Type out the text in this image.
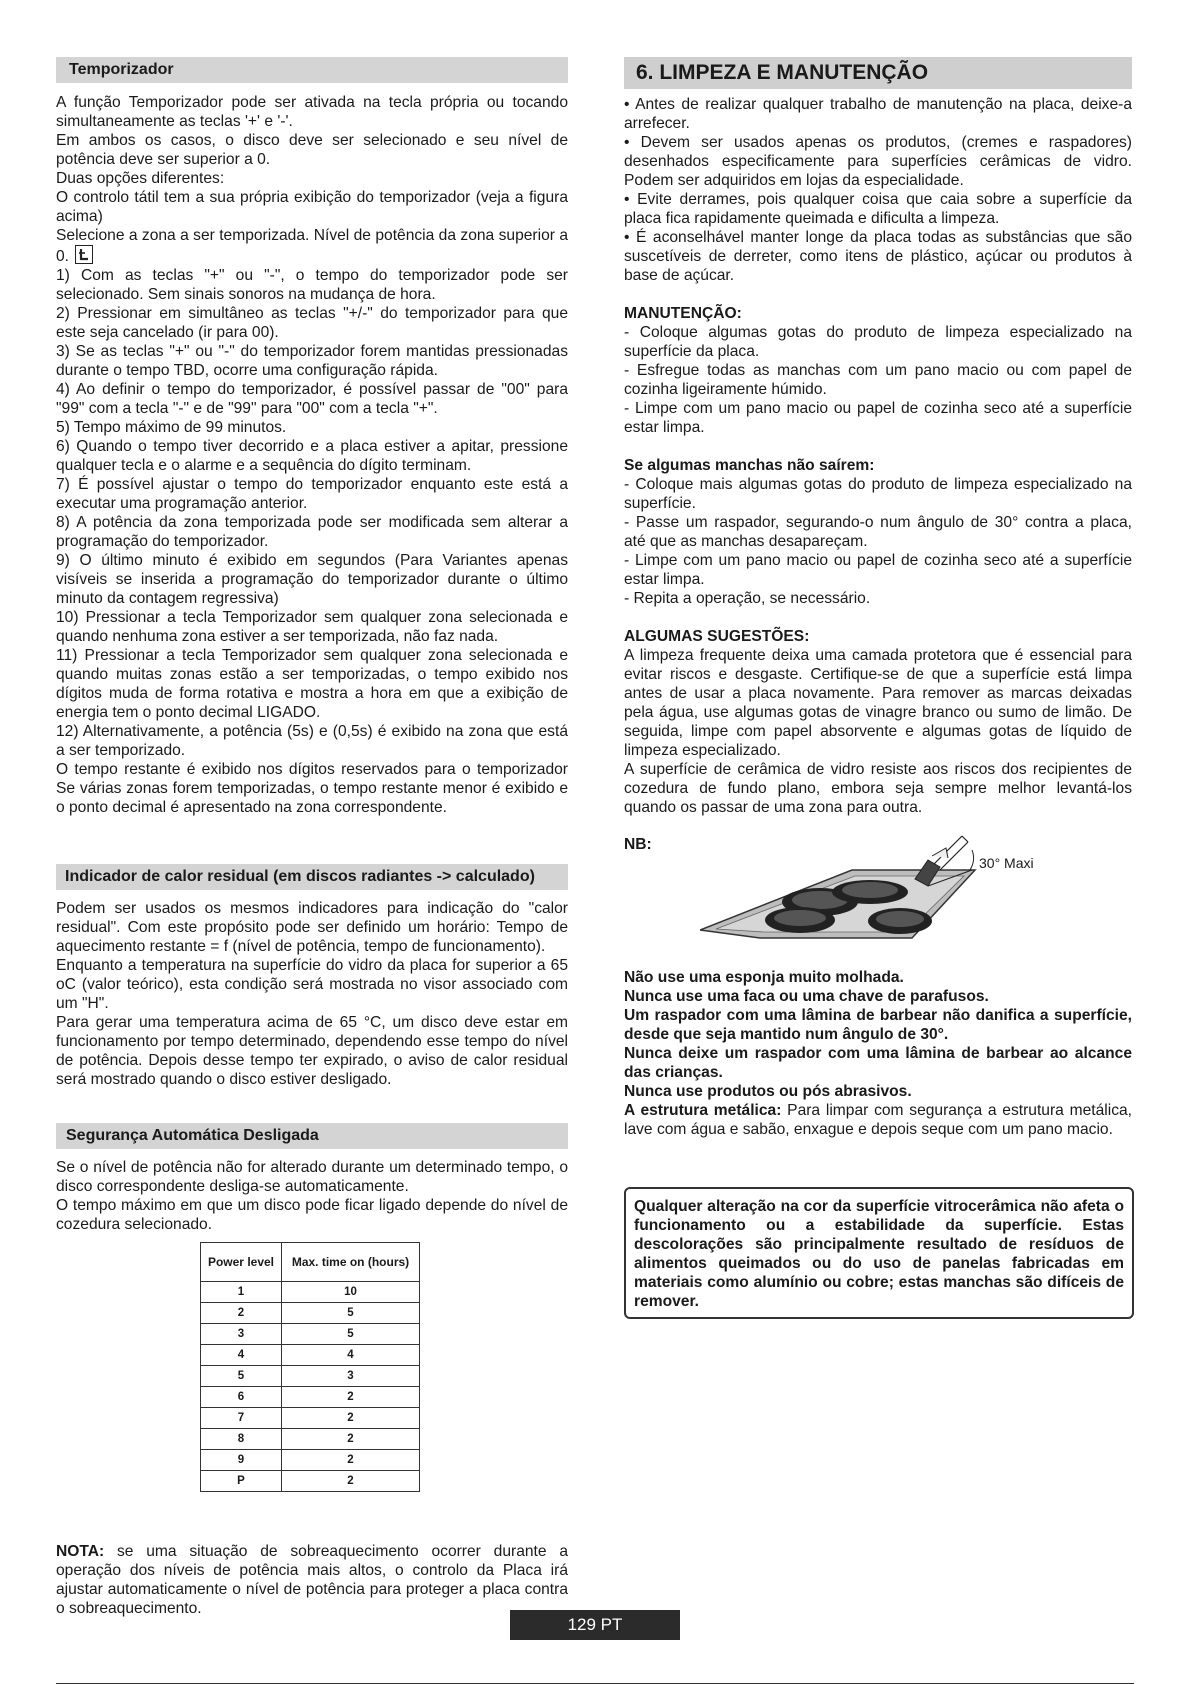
Temporizador

A função Temporizador pode ser ativada na tecla própria ou tocando simultaneamente as teclas '+' e '-'.

Em ambos os casos, o disco deve ser selecionado e seu nível de potência deve ser superior a 0.

Duas opções diferentes:

O controlo tátil tem a sua própria exibição do temporizador (veja a figura acima)

Selecione a zona a ser temporizada. Nível de potência da zona superior a 0.

1) Com as teclas "+" ou "-", o tempo do temporizador pode ser selecionado. Sem sinais sonoros na mudança de hora.

2) Pressionar em simultâneo as teclas "+/-" do temporizador para que este seja cancelado (ir para 00).

3) Se as teclas "+" ou "-" do temporizador forem mantidas pressionadas durante o tempo TBD, ocorre uma configuração rápida.

4) Ao definir o tempo do temporizador, é possível passar de "00" para "99" com a tecla "-" e de "99" para "00" com a tecla "+".

5) Tempo máximo de 99 minutos.

6) Quando o tempo tiver decorrido e a placa estiver a apitar, pressione qualquer tecla e o alarme e a sequência do dígito terminam.

7) É possível ajustar o tempo do temporizador enquanto este está a executar uma programação anterior.

8) A potência da zona temporizada pode ser modificada sem alterar a programação do temporizador.

9) O último minuto é exibido em segundos (Para Variantes apenas visíveis se inserida a programação do temporizador durante o último minuto da contagem regressiva)

10) Pressionar a tecla Temporizador sem qualquer zona selecionada e quando nenhuma zona estiver a ser temporizada, não faz nada.

11) Pressionar a tecla Temporizador sem qualquer zona selecionada e quando muitas zonas estão a ser temporizadas, o tempo exibido nos dígitos muda de forma rotativa e mostra a hora em que a exibição de energia tem o ponto decimal LIGADO.

12) Alternativamente, a potência (5s) e (0,5s) é exibido na zona que está a ser temporizado.

O tempo restante é exibido nos dígitos reservados para o temporizador Se várias zonas forem temporizadas, o tempo restante menor é exibido e o ponto decimal é apresentado na zona correspondente.

Indicador de calor residual (em discos radiantes -> calculado)

Podem ser usados os mesmos indicadores para indicação do "calor residual". Com este propósito pode ser definido um horário: Tempo de aquecimento restante = f (nível de potência, tempo de funcionamento).

Enquanto a temperatura na superfície do vidro da placa for superior a 65 oC (valor teórico), esta condição será mostrada no visor associado com um "H".

Para gerar uma temperatura acima de 65 °C, um disco deve estar em funcionamento por tempo determinado, dependendo esse tempo do nível de potência. Depois desse tempo ter expirado, o aviso de calor residual será mostrado quando o disco estiver desligado.

Segurança Automática Desligada

Se o nível de potência não for alterado durante um determinado tempo, o disco correspondente desliga-se automaticamente.

O tempo máximo em que um disco pode ficar ligado depende do nível de cozedura selecionado.

Power level	Max. time on (hours)
1	10
2	5
3	5
4	4
5	3
6	2
7	2
8	2
9	2
P	2

NOTA: se uma situação de sobreaquecimento ocorrer durante a operação dos níveis de potência mais altos, o controlo da Placa irá ajustar automaticamente o nível de potência para proteger a placa contra o sobreaquecimento.

6. LIMPEZA E MANUTENÇÃO

• Antes de realizar qualquer trabalho de manutenção na placa, deixe-a arrefecer.

• Devem ser usados apenas os produtos, (cremes e raspadores) desenhados especificamente para superfícies cerâmicas de vidro. Podem ser adquiridos em lojas da especialidade.

• Evite derrames, pois qualquer coisa que caia sobre a superfície da placa fica rapidamente queimada e dificulta a limpeza.

• É aconselhável manter longe da placa todas as substâncias que são suscetíveis de derreter, como itens de plástico, açúcar ou produtos à base de açúcar.

MANUTENÇÃO:

- Coloque algumas gotas do produto de limpeza especializado na superfície da placa.

- Esfregue todas as manchas com um pano macio ou com papel de cozinha ligeiramente húmido.

- Limpe com um pano macio ou papel de cozinha seco até a superfície estar limpa.

Se algumas manchas não saírem:

- Coloque mais algumas gotas do produto de limpeza especializado na superfície.

- Passe um raspador, segurando-o num ângulo de 30° contra a placa, até que as manchas desapareçam.

- Limpe com um pano macio ou papel de cozinha seco até a superfície estar limpa.

- Repita a operação, se necessário.

ALGUMAS SUGESTÕES:

A limpeza frequente deixa uma camada protetora que é essencial para evitar riscos e desgaste. Certifique-se de que a superfície está limpa antes de usar a placa novamente. Para remover as marcas deixadas pela água, use algumas gotas de vinagre branco ou sumo de limão. De seguida, limpe com papel absorvente e algumas gotas de líquido de limpeza especializado.

A superfície de cerâmica de vidro resiste aos riscos dos recipientes de cozedura de fundo plano, embora seja sempre melhor levantá-los quando os passar de uma zona para outra.

NB:
30° Maxi

Não use uma esponja muito molhada.

Nunca use uma faca ou uma chave de parafusos.

Um raspador com uma lâmina de barbear não danifica a superfície, desde que seja mantido num ângulo de 30°.

Nunca deixe um raspador com uma lâmina de barbear ao alcance das crianças.

Nunca use produtos ou pós abrasivos.

A estrutura metálica: Para limpar com segurança a estrutura metálica, lave com água e sabão, enxague e depois seque com um pano macio.

Qualquer alteração na cor da superfície vitrocerâmica não afeta o funcionamento ou a estabilidade da superfície. Estas descolorações são principalmente resultado de resíduos de alimentos queimados ou do uso de panelas fabricadas em materiais como alumínio ou cobre; estas manchas são difíceis de remover.

129 PT
